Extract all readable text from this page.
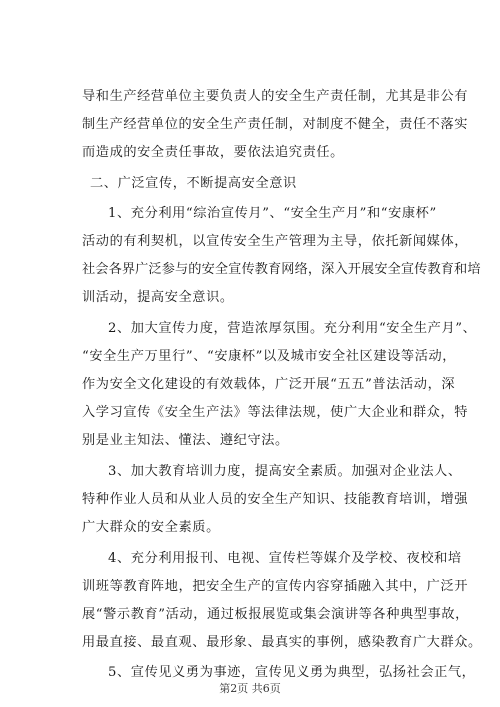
导和生产经营单位主要负责人的安全生产责任制，尤其是非公有
制生产经营单位的安全生产责任制，对制度不健全，责任不落实
而造成的安全责任事故，要依法追究责任。
二、广泛宣传，不断提高安全意识
1、充分利用“综治宣传月”、“安全生产月”和“安康杯”
活动的有利契机，以宣传安全生产管理为主导，依托新闻媒体，
社会各界广泛参与的安全宣传教育网络，深入开展安全宣传教育和培
训活动，提高安全意识。
2、加大宣传力度，营造浓厚氛围。充分利用“安全生产月”、
“安全生产万里行”、“安康杯”以及城市安全社区建设等活动，
作为安全文化建设的有效载体，广泛开展“五五”普法活动，深
入学习宣传《安全生产法》等法律法规，使广大企业和群众，特
别是业主知法、懂法、遵纪守法。
3、加大教育培训力度，提高安全素质。加强对企业法人、
特种作业人员和从业人员的安全生产知识、技能教育培训，增强
广大群众的安全素质。
4、充分利用报刊、电视、宣传栏等媒介及学校、夜校和培
训班等教育阵地，把安全生产的宣传内容穿插融入其中，广泛开
展“警示教育”活动，通过板报展览或集会演讲等各种典型事故，
用最直接、最直观、最形象、最真实的事例，感染教育广大群众。
5、宣传见义勇为事迹，宣传见义勇为典型，弘扬社会正气，
第2页 共6页
